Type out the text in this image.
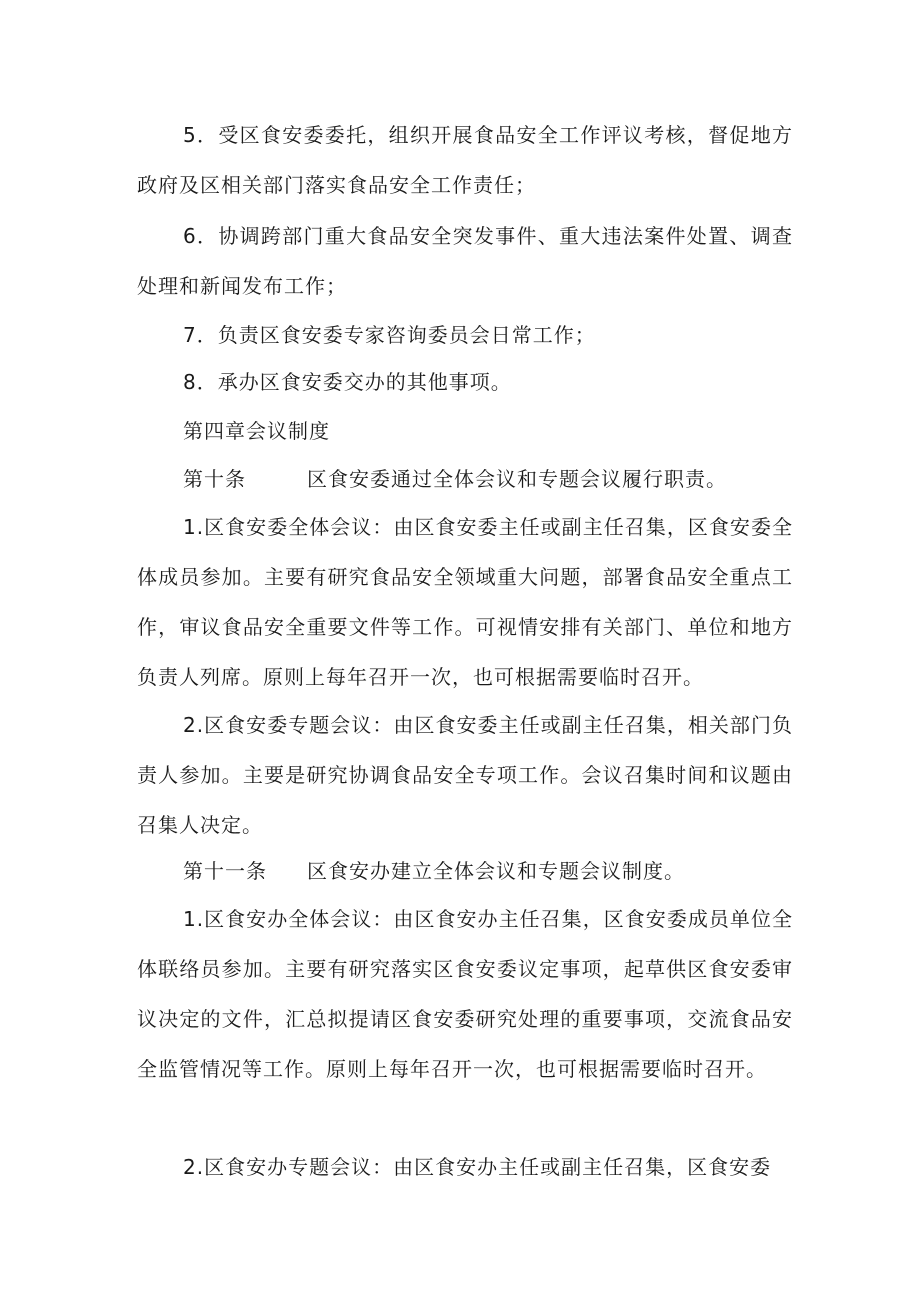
5．受区食安委委托，组织开展食品安全工作评议考核，督促地方政府及区相关部门落实食品安全工作责任；

6．协调跨部门重大食品安全突发事件、重大违法案件处置、调查处理和新闻发布工作；

7．负责区食安委专家咨询委员会日常工作；

8．承办区食安委交办的其他事项。

第四章会议制度

第十条	区食安委通过全体会议和专题会议履行职责。

1.区食安委全体会议：由区食安委主任或副主任召集，区食安委全体成员参加。主要有研究食品安全领域重大问题，部署食品安全重点工作，审议食品安全重要文件等工作。可视情安排有关部门、单位和地方负责人列席。原则上每年召开一次，也可根据需要临时召开。

2.区食安委专题会议：由区食安委主任或副主任召集，相关部门负责人参加。主要是研究协调食品安全专项工作。会议召集时间和议题由召集人决定。

第十一条 区食安办建立全体会议和专题会议制度。

1.区食安办全体会议：由区食安办主任召集，区食安委成员单位全体联络员参加。主要有研究落实区食安委议定事项，起草供区食安委审议决定的文件，汇总拟提请区食安委研究处理的重要事项，交流食品安全监管情况等工作。原则上每年召开一次，也可根据需要临时召开。

2.区食安办专题会议：由区食安办主任或副主任召集，区食安委
